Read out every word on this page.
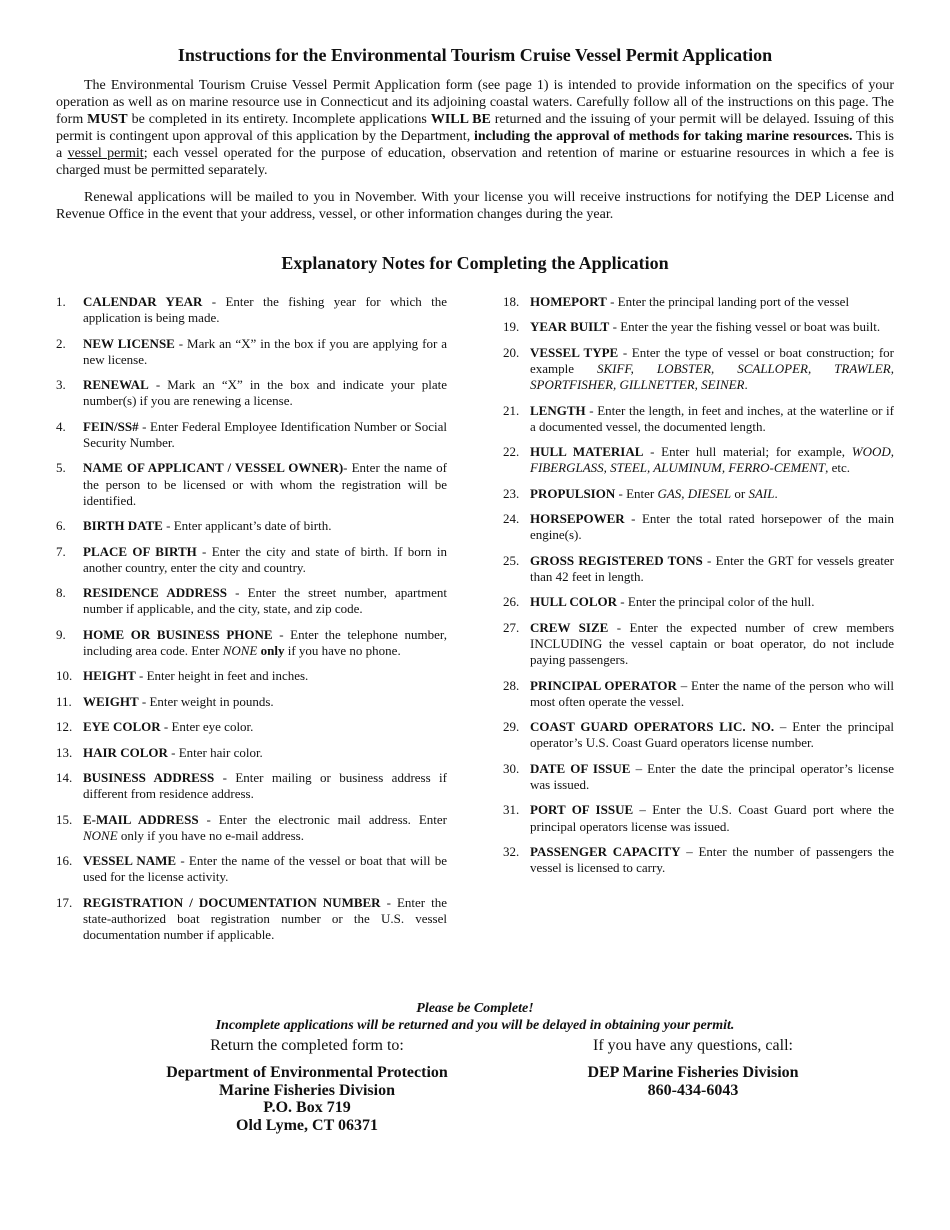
Instructions for the Environmental Tourism Cruise Vessel Permit Application

The Environmental Tourism Cruise Vessel Permit Application form (see page 1) is intended to provide information on the specifics of your operation as well as on marine resource use in Connecticut and its adjoining coastal waters. Carefully follow all of the instructions on this page. The form MUST be completed in its entirety. Incomplete applications WILL BE returned and the issuing of your permit will be delayed. Issuing of this permit is contingent upon approval of this application by the Department, including the approval of methods for taking marine resources. This is a vessel permit; each vessel operated for the purpose of education, observation and retention of marine or estuarine resources in which a fee is charged must be permitted separately.

Renewal applications will be mailed to you in November. With your license you will receive instructions for notifying the DEP License and Revenue Office in the event that your address, vessel, or other information changes during the year.

Explanatory Notes for Completing the Application
1. CALENDAR YEAR - Enter the fishing year for which the application is being made.
2. NEW LICENSE - Mark an “X” in the box if you are applying for a new license.
3. RENEWAL - Mark an “X” in the box and indicate your plate number(s) if you are renewing a license.
4. FEIN/SS# - Enter Federal Employee Identification Number or Social Security Number.
5. NAME OF APPLICANT / VESSEL OWNER)- Enter the name of the person to be licensed or with whom the registration will be identified.
6. BIRTH DATE - Enter applicant’s date of birth.
7. PLACE OF BIRTH - Enter the city and state of birth. If born in another country, enter the city and country.
8. RESIDENCE ADDRESS - Enter the street number, apartment number if applicable, and the city, state, and zip code.
9. HOME OR BUSINESS PHONE - Enter the telephone number, including area code. Enter NONE only if you have no phone.
10. HEIGHT - Enter height in feet and inches.
11. WEIGHT - Enter weight in pounds.
12. EYE COLOR - Enter eye color.
13. HAIR COLOR - Enter hair color.
14. BUSINESS ADDRESS - Enter mailing or business address if different from residence address.
15. E-MAIL ADDRESS - Enter the electronic mail address. Enter NONE only if you have no e-mail address.
16. VESSEL NAME - Enter the name of the vessel or boat that will be used for the license activity.
17. REGISTRATION / DOCUMENTATION NUMBER - Enter the state-authorized boat registration number or the U.S. vessel documentation number if applicable.
18. HOMEPORT - Enter the principal landing port of the vessel
19. YEAR BUILT - Enter the year the fishing vessel or boat was built.
20. VESSEL TYPE - Enter the type of vessel or boat construction; for example SKIFF, LOBSTER, SCALLOPER, TRAWLER, SPORTFISHER, GILLNETTER, SEINER.
21. LENGTH - Enter the length, in feet and inches, at the waterline or if a documented vessel, the documented length.
22. HULL MATERIAL - Enter hull material; for example, WOOD, FIBERGLASS, STEEL, ALUMINUM, FERRO-CEMENT, etc.
23. PROPULSION - Enter GAS, DIESEL or SAIL.
24. HORSEPOWER - Enter the total rated horsepower of the main engine(s).
25. GROSS REGISTERED TONS - Enter the GRT for vessels greater than 42 feet in length.
26. HULL COLOR - Enter the principal color of the hull.
27. CREW SIZE - Enter the expected number of crew members INCLUDING the vessel captain or boat operator, do not include paying passengers.
28. PRINCIPAL OPERATOR – Enter the name of the person who will most often operate the vessel.
29. COAST GUARD OPERATORS LIC. NO. – Enter the principal operator’s U.S. Coast Guard operators license number.
30. DATE OF ISSUE – Enter the date the principal operator’s license was issued.
31. PORT OF ISSUE – Enter the U.S. Coast Guard port where the principal operators license was issued.
32. PASSENGER CAPACITY – Enter the number of passengers the vessel is licensed to carry.
Please be Complete!
Incomplete applications will be returned and you will be delayed in obtaining your permit.
Return the completed form to:
Department of Environmental Protection
Marine Fisheries Division
P.O. Box 719
Old Lyme, CT 06371
If you have any questions, call:
DEP Marine Fisheries Division
860-434-6043
